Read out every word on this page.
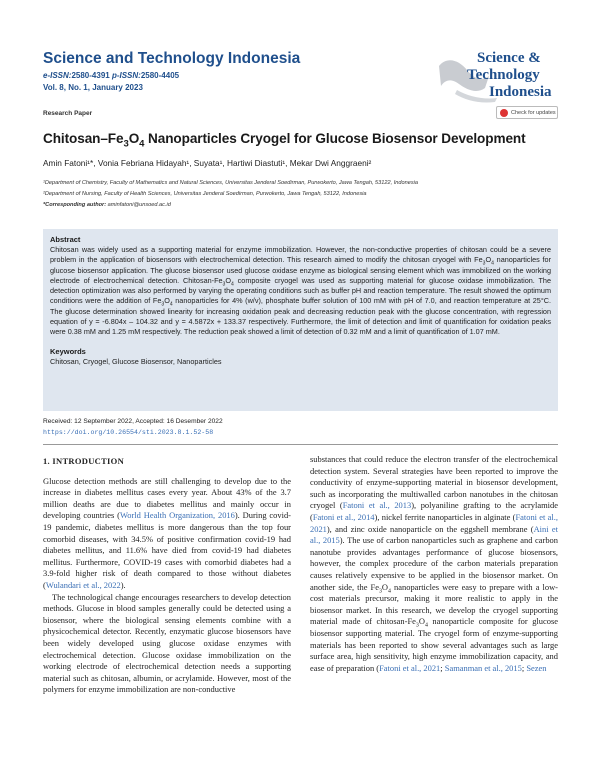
Science and Technology Indonesia
e-ISSN:2580-4391 p-ISSN:2580-4405
Vol. 8, No. 1, January 2023
Science &
Technology
Indonesia
Research Paper	Check for updates
Chitosan–$Fe_3O_4$ Nanoparticles Cryogel for Glucose Biosensor Development
Amin Fatoni¹*, Vonia Febriana Hidayah¹, Suyata¹, Hartiwi Diastuti¹, Mekar Dwi Anggraeni²
¹Department of Chemistry, Faculty of Mathematics and Natural Sciences, Universitas Jenderal Soedirman, Purwokerto, Jawa Tengah, 53122, Indonesia
²Department of Nursing, Faculty of Health Sciences, Universitas Jenderal Soedirman, Purwokerto, Jawa Tengah, 53122, Indonesia
*Corresponding author: aminfatoni@unsoed.ac.id
Abstract
Chitosan was widely used as a supporting material for enzyme immobilization. However, the non-conductive properties of chitosan could be a severe problem in the application of biosensors with electrochemical detection. This research aimed to modify the chitosan cryogel with $Fe_3O_4$ nanoparticles for glucose biosensor application. The glucose biosensor used glucose oxidase enzyme as biological sensing element which was immobilized on the working electrode of electrochemical detection. Chitosan-$Fe_3O_4$ composite cryogel was used as supporting material for glucose oxidase immobilization. The detection optimization was also performed by varying the operating conditions such as buffer pH and reaction temperature. The result showed the optimum conditions were the addition of $Fe_3O_4$ nanoparticles for 4% (w/v), phosphate buffer solution of 100 mM with pH of 7.0, and reaction temperature at 25°C. The glucose determination showed linearity for increasing oxidation peak and decreasing reduction peak with the glucose concentration, with regression equation of y = -6.804x – 104.32 and y = 4.5872x + 133.37 respectively. Furthermore, the limit of detection and limit of quantification for oxidation peaks were 0.38 mM and 1.25 mM respectively. The reduction peak showed a limit of detection of 0.32 mM and a limit of quantification of 1.07 mM.
Keywords
Chitosan, Cryogel, Glucose Biosensor, Nanoparticles
Received: 12 September 2022, Accepted: 16 Desember 2022
https://doi.org/10.26554/sti.2023.8.1.52-58
1. INTRODUCTION

Glucose detection methods are still challenging to develop due to the increase in diabetes mellitus cases every year. About 43% of the 3.7 million deaths are due to diabetes mellitus and mainly occur in developing countries (World Health Organization, 2016). During covid-19 pandemic, diabetes mellitus is more dangerous than the top four comorbid diseases, with 34.5% of positive confirmation covid-19 had diabetes mellitus, and 11.6% have died from covid-19 had diabetes mellitus. Furthermore, COVID-19 cases with comorbid diabetes had a 3.9-fold higher risk of death compared to those without diabetes (Wulandari et al., 2022).

The technological change encourages researchers to develop detection methods. Glucose in blood samples generally could be detected using a biosensor, where the biological sensing elements combine with a physicochemical detector. Recently, enzymatic glucose biosensors have been widely developed using glucose oxidase enzymes with electrochemical detection. Glucose oxidase immobilization on the working electrode of electrochemical detection needs a supporting material such as chitosan, albumin, or acrylamide. However, most of the polymers for enzyme immobilization are non-conductive

substances that could reduce the electron transfer of the electrochemical detection system. Several strategies have been reported to improve the conductivity of enzyme-supporting material in biosensor development, such as incorporating the multiwalled carbon nanotubes in the chitosan cryogel (Fatoni et al., 2013), polyaniline grafting to the acrylamide (Fatoni et al., 2014), nickel ferrite nanoparticles in alginate (Fatoni et al., 2021), and zinc oxide nanoparticle on the eggshell membrane (Aini et al., 2015). The use of carbon nanoparticles such as graphene and carbon nanotube provides advantages performance of glucose biosensors, however, the complex procedure of the carbon materials preparation causes relatively expensive to be applied in the biosensor market. On another side, the $Fe_3O_4$ nanoparticles were easy to prepare with a low-cost materials precursor, making it more realistic to apply in the biosensor market. In this research, we develop the cryogel supporting material made of chitosan-$Fe_3O_4$ nanoparticle composite for glucose biosensor supporting material. The cryogel form of enzyme-supporting materials has been reported to show several advantages such as large surface area, high sensitivity, high enzyme immobilization capacity, and ease of preparation (Fatoni et al., 2021; Samanman et al., 2015; Sezen
